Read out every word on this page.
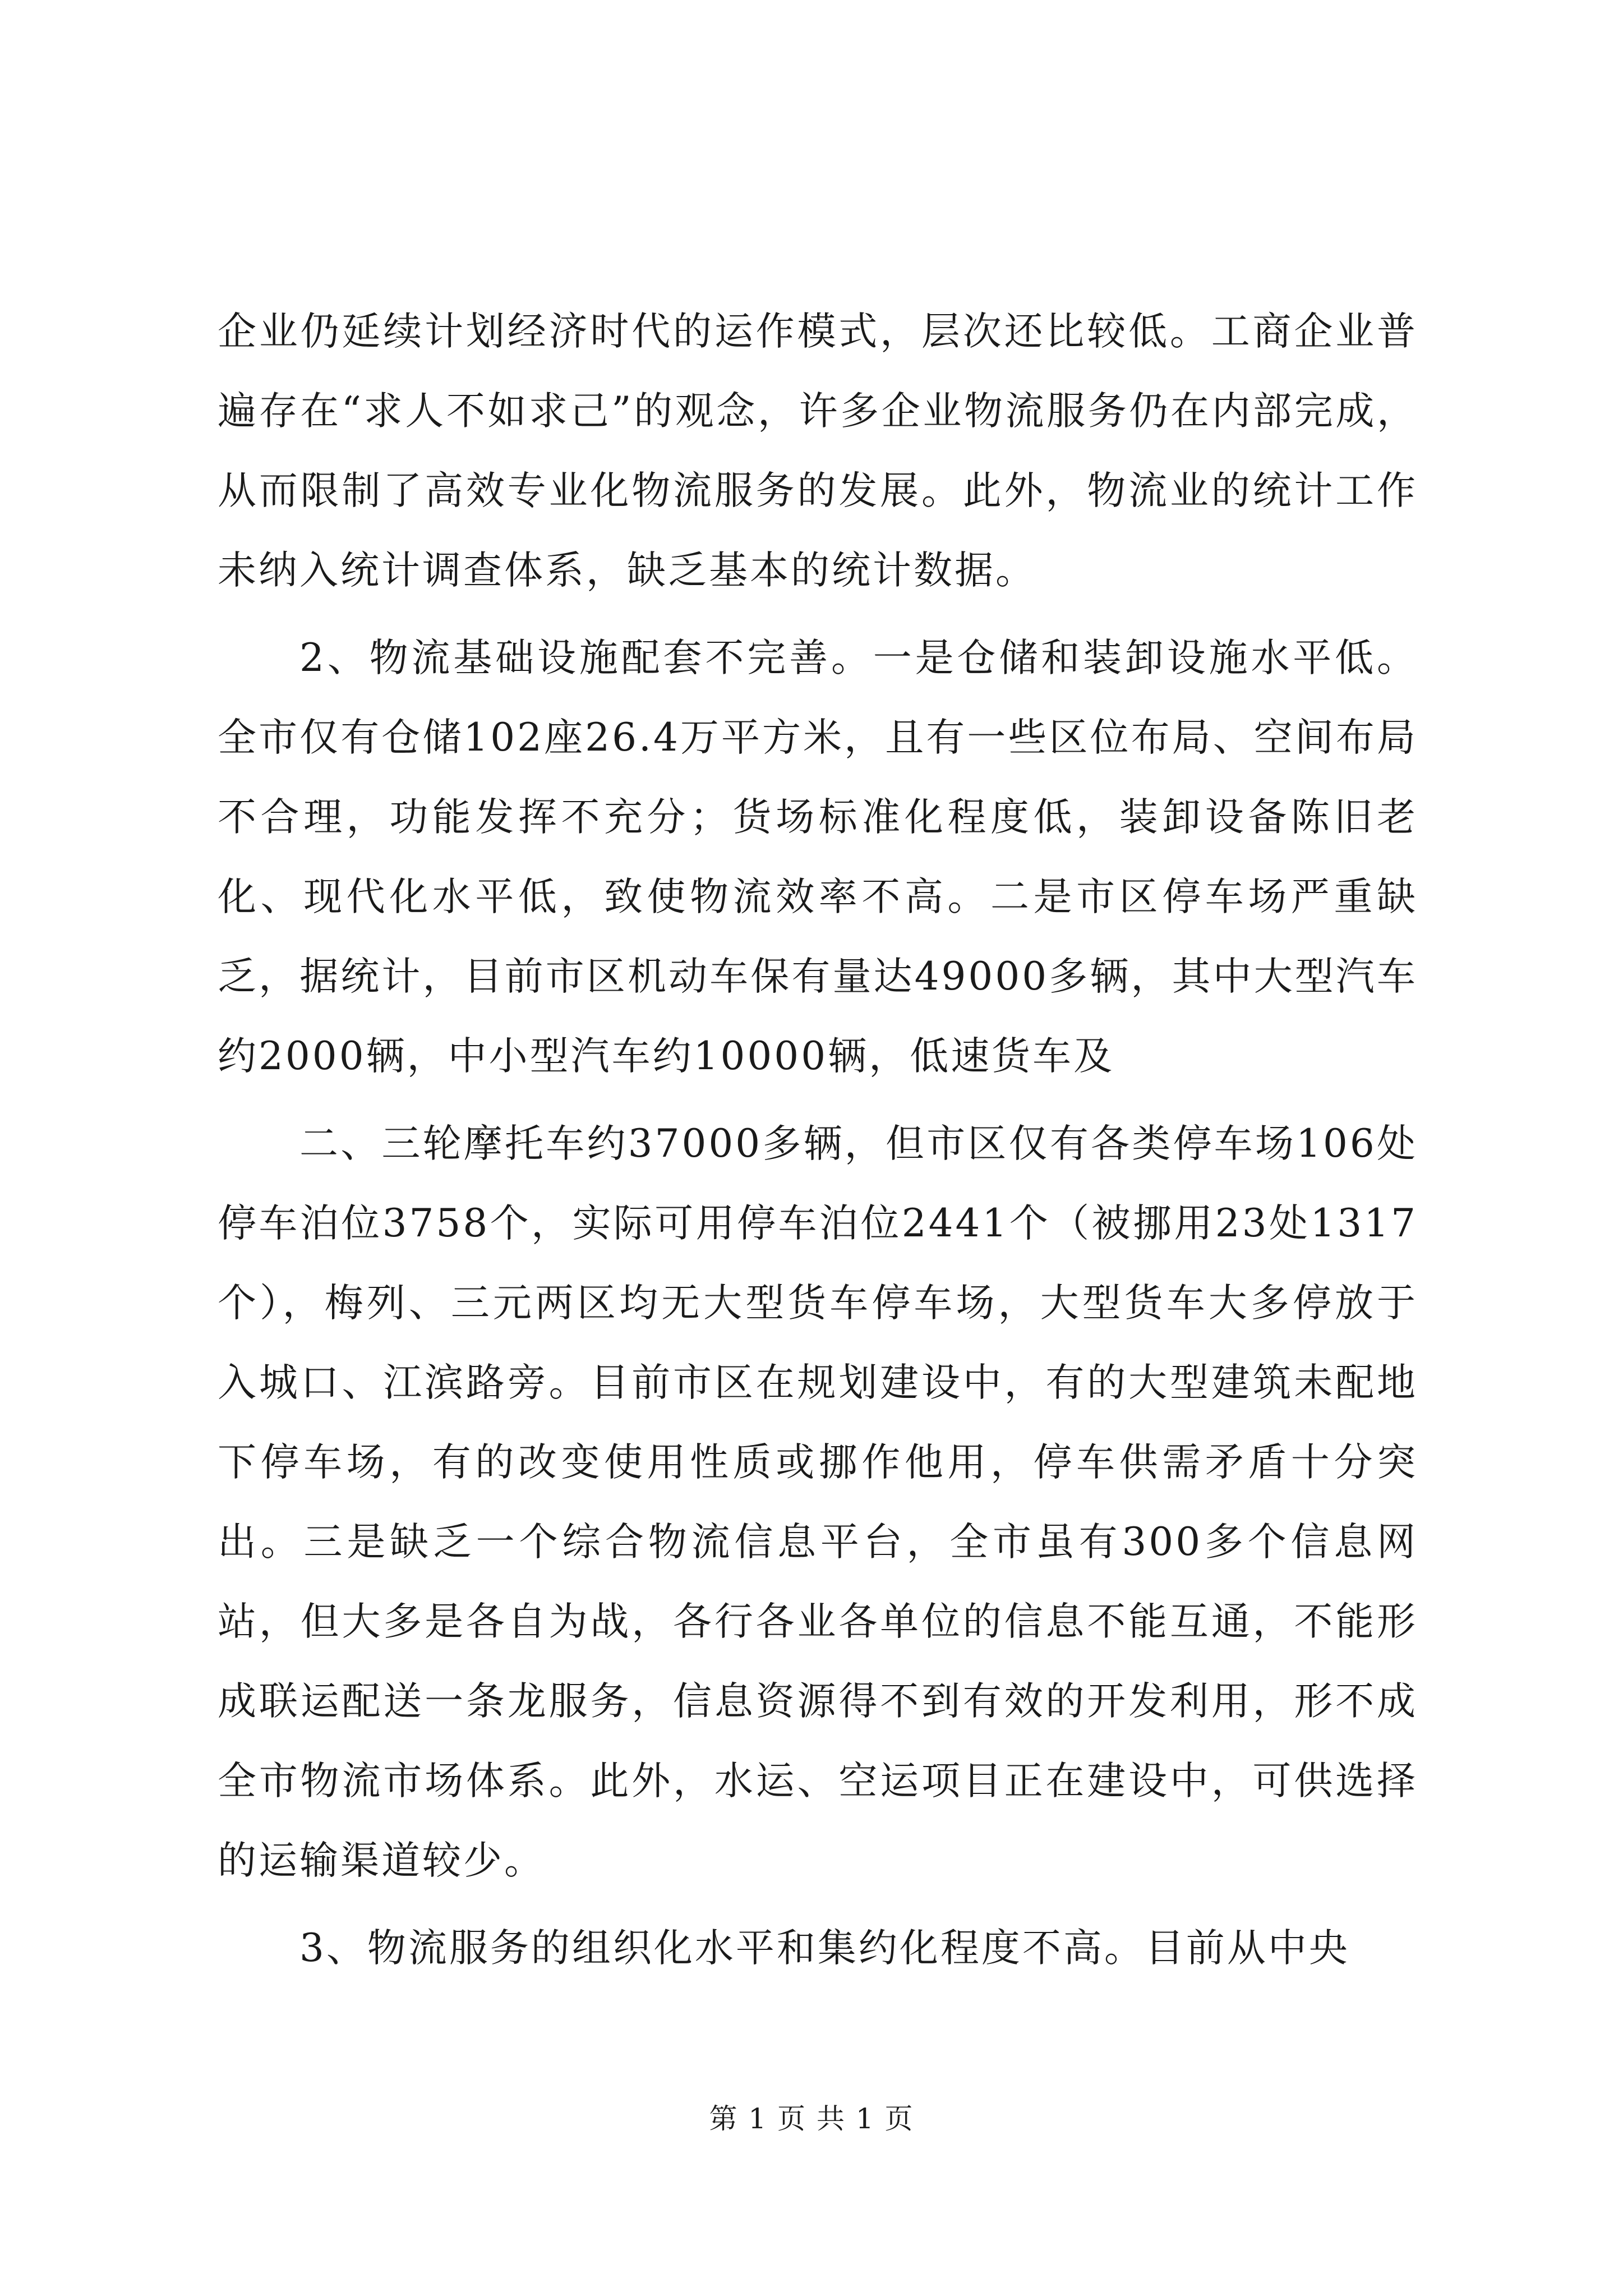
企业仍延续计划经济时代的运作模式，层次还比较低。工商企业普遍存在“求人不如求己”的观念，许多企业物流服务仍在内部完成，从而限制了高效专业化物流服务的发展。此外，物流业的统计工作未纳入统计调查体系，缺乏基本的统计数据。

2、物流基础设施配套不完善。一是仓储和装卸设施水平低。全市仅有仓储102座26.4万平方米，且有一些区位布局、空间布局不合理，功能发挥不充分；货场标准化程度低，装卸设备陈旧老化、现代化水平低，致使物流效率不高。二是市区停车场严重缺乏，据统计，目前市区机动车保有量达49000多辆，其中大型汽车约2000辆，中小型汽车约10000辆，低速货车及

二、三轮摩托车约37000多辆，但市区仅有各类停车场106处停车泊位3758个，实际可用停车泊位2441个（被挪用23处1317个），梅列、三元两区均无大型货车停车场，大型货车大多停放于入城口、江滨路旁。目前市区在规划建设中，有的大型建筑未配地下停车场，有的改变使用性质或挪作他用，停车供需矛盾十分突出。三是缺乏一个综合物流信息平台，全市虽有300多个信息网站，但大多是各自为战，各行各业各单位的信息不能互通，不能形成联运配送一条龙服务，信息资源得不到有效的开发利用，形不成全市物流市场体系。此外，水运、空运项目正在建设中，可供选择的运输渠道较少。

3、物流服务的组织化水平和集约化程度不高。目前从中央

第 1 页 共 1 页
